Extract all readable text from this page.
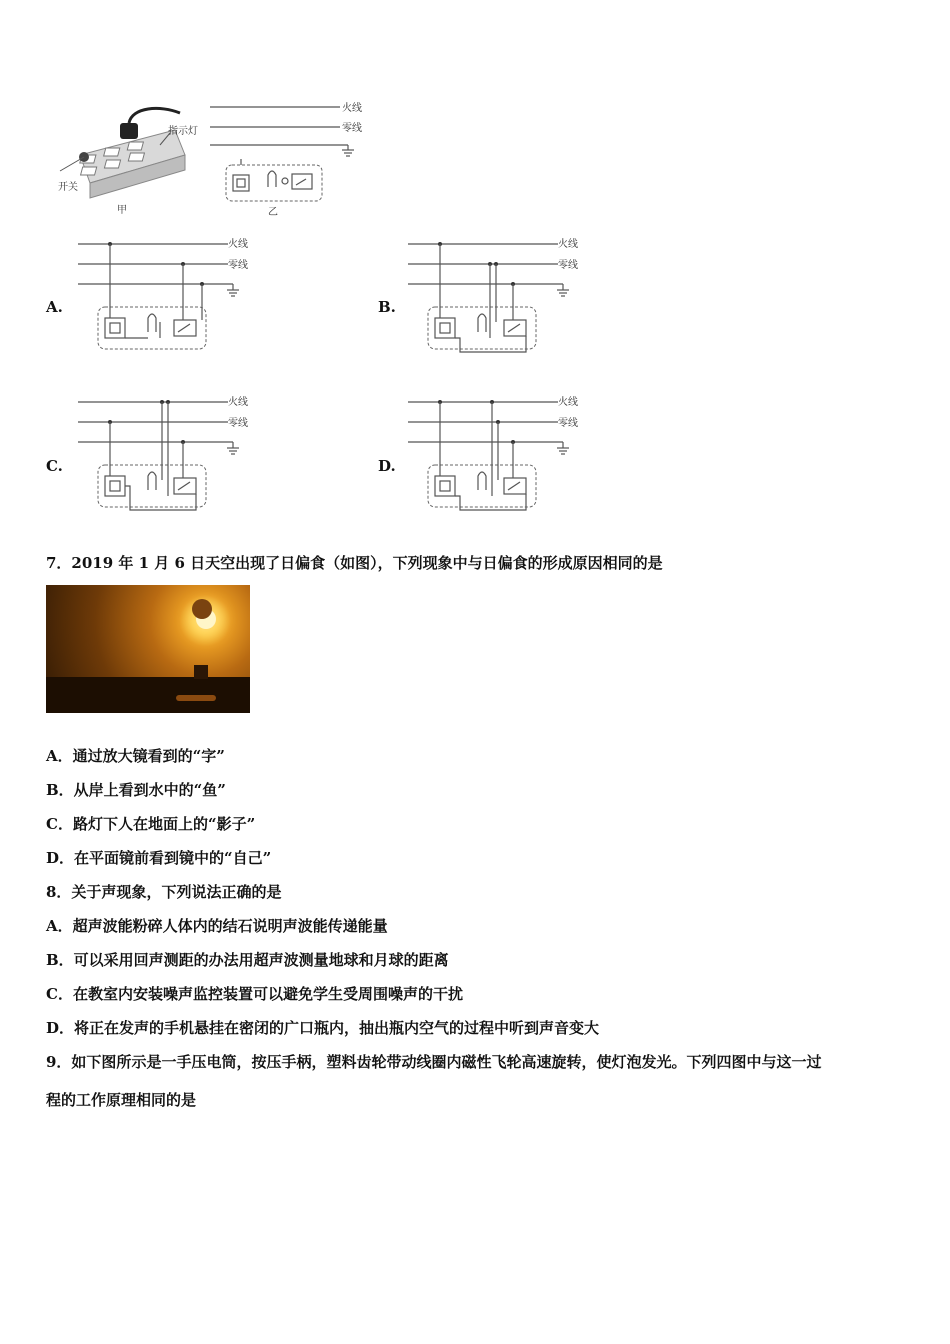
指示灯
开关
甲
火线
零线
乙
A.
火线
零线
B.
火线
零线
C.
火线
零线
D.
火线
零线
7．2019 年 1 月 6 日天空出现了日偏食（如图），下列现象中与日偏食的形成原因相同的是
A．通过放大镜看到的“字”
B．从岸上看到水中的“鱼”
C．路灯下人在地面上的“影子”
D．在平面镜前看到镜中的“自己”
8．关于声现象，下列说法正确的是
A．超声波能粉碎人体内的结石说明声波能传递能量
B．可以采用回声测距的办法用超声波测量地球和月球的距离
C．在教室内安装噪声监控装置可以避免学生受周围噪声的干扰
D．将正在发声的手机悬挂在密闭的广口瓶内，抽出瓶内空气的过程中听到声音变大
9．如下图所示是一手压电筒，按压手柄，塑料齿轮带动线圈内磁性飞轮高速旋转，使灯泡发光。下列四图中与这一过
程的工作原理相同的是
